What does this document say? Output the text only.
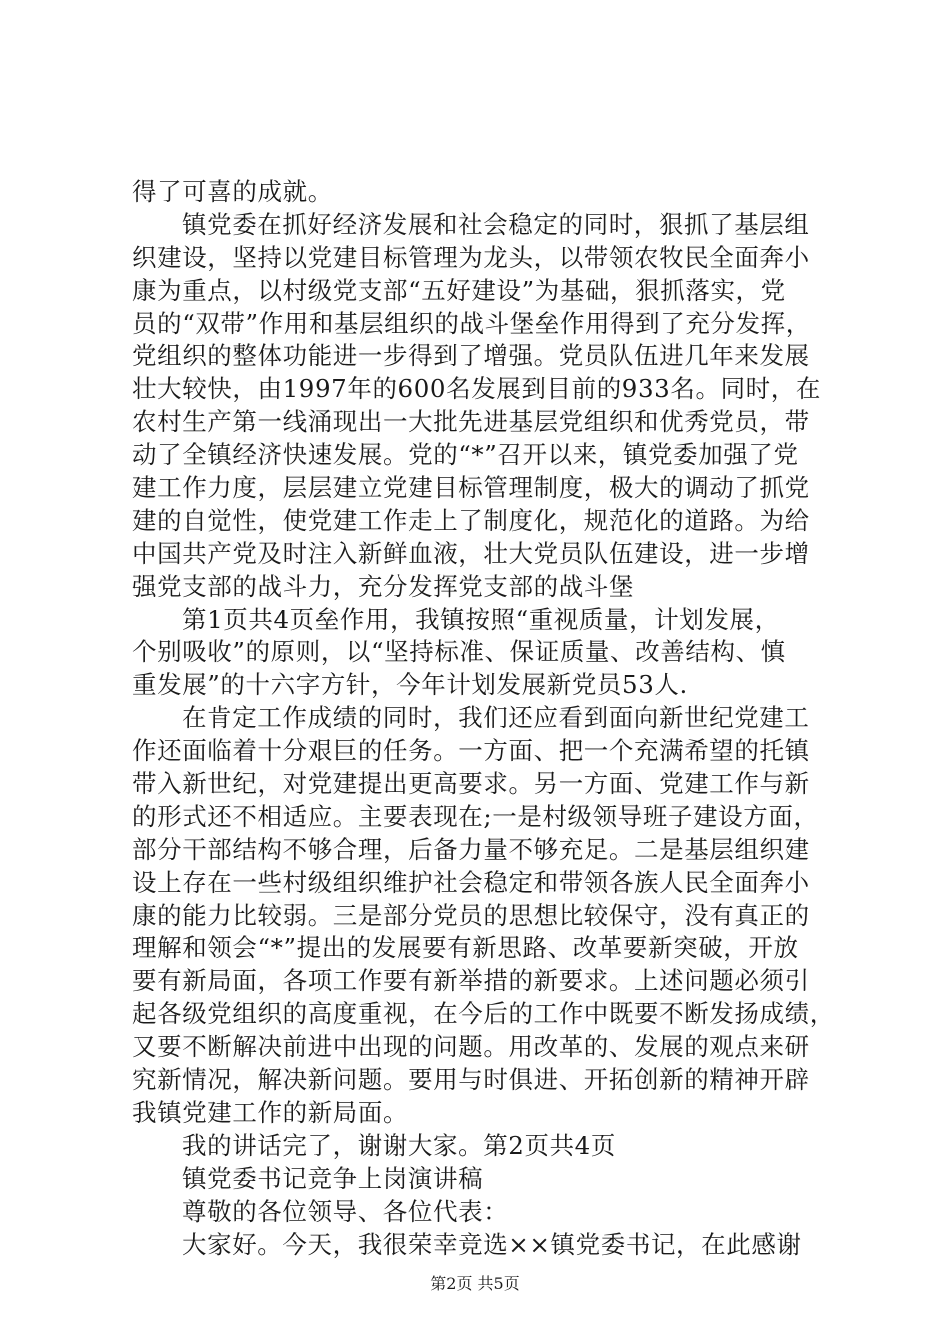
得了可喜的成就。
镇党委在抓好经济发展和社会稳定的同时，狠抓了基层组
织建设，坚持以党建目标管理为龙头，以带领农牧民全面奔小
康为重点，以村级党支部“五好建设”为基础，狠抓落实，党
员的“双带”作用和基层组织的战斗堡垒作用得到了充分发挥，
党组织的整体功能进一步得到了增强。党员队伍进几年来发展
壮大较快，由1997年的600名发展到目前的933名。同时，在
农村生产第一线涌现出一大批先进基层党组织和优秀党员，带
动了全镇经济快速发展。党的“*”召开以来，镇党委加强了党
建工作力度，层层建立党建目标管理制度，极大的调动了抓党
建的自觉性，使党建工作走上了制度化，规范化的道路。为给
中国共产党及时注入新鲜血液，壮大党员队伍建设，进一步增
强党支部的战斗力，充分发挥党支部的战斗堡
第1页共4页垒作用，我镇按照“重视质量，计划发展，
个别吸收”的原则，以“坚持标准、保证质量、改善结构、慎
重发展”的十六字方针，今年计划发展新党员53人.
在肯定工作成绩的同时，我们还应看到面向新世纪党建工
作还面临着十分艰巨的任务。一方面、把一个充满希望的托镇
带入新世纪，对党建提出更高要求。另一方面、党建工作与新
的形式还不相适应。主要表现在;一是村级领导班子建设方面，
部分干部结构不够合理，后备力量不够充足。二是基层组织建
设上存在一些村级组织维护社会稳定和带领各族人民全面奔小
康的能力比较弱。三是部分党员的思想比较保守，没有真正的
理解和领会“*”提出的发展要有新思路、改革要新突破，开放
要有新局面，各项工作要有新举措的新要求。上述问题必须引
起各级党组织的高度重视，在今后的工作中既要不断发扬成绩，
又要不断解决前进中出现的问题。用改革的、发展的观点来研
究新情况，解决新问题。要用与时俱进、开拓创新的精神开辟
我镇党建工作的新局面。
我的讲话完了，谢谢大家。第2页共4页
镇党委书记竞争上岗演讲稿
尊敬的各位领导、各位代表：
大家好。今天，我很荣幸竞选××镇党委书记，在此感谢
第2页 共5页
